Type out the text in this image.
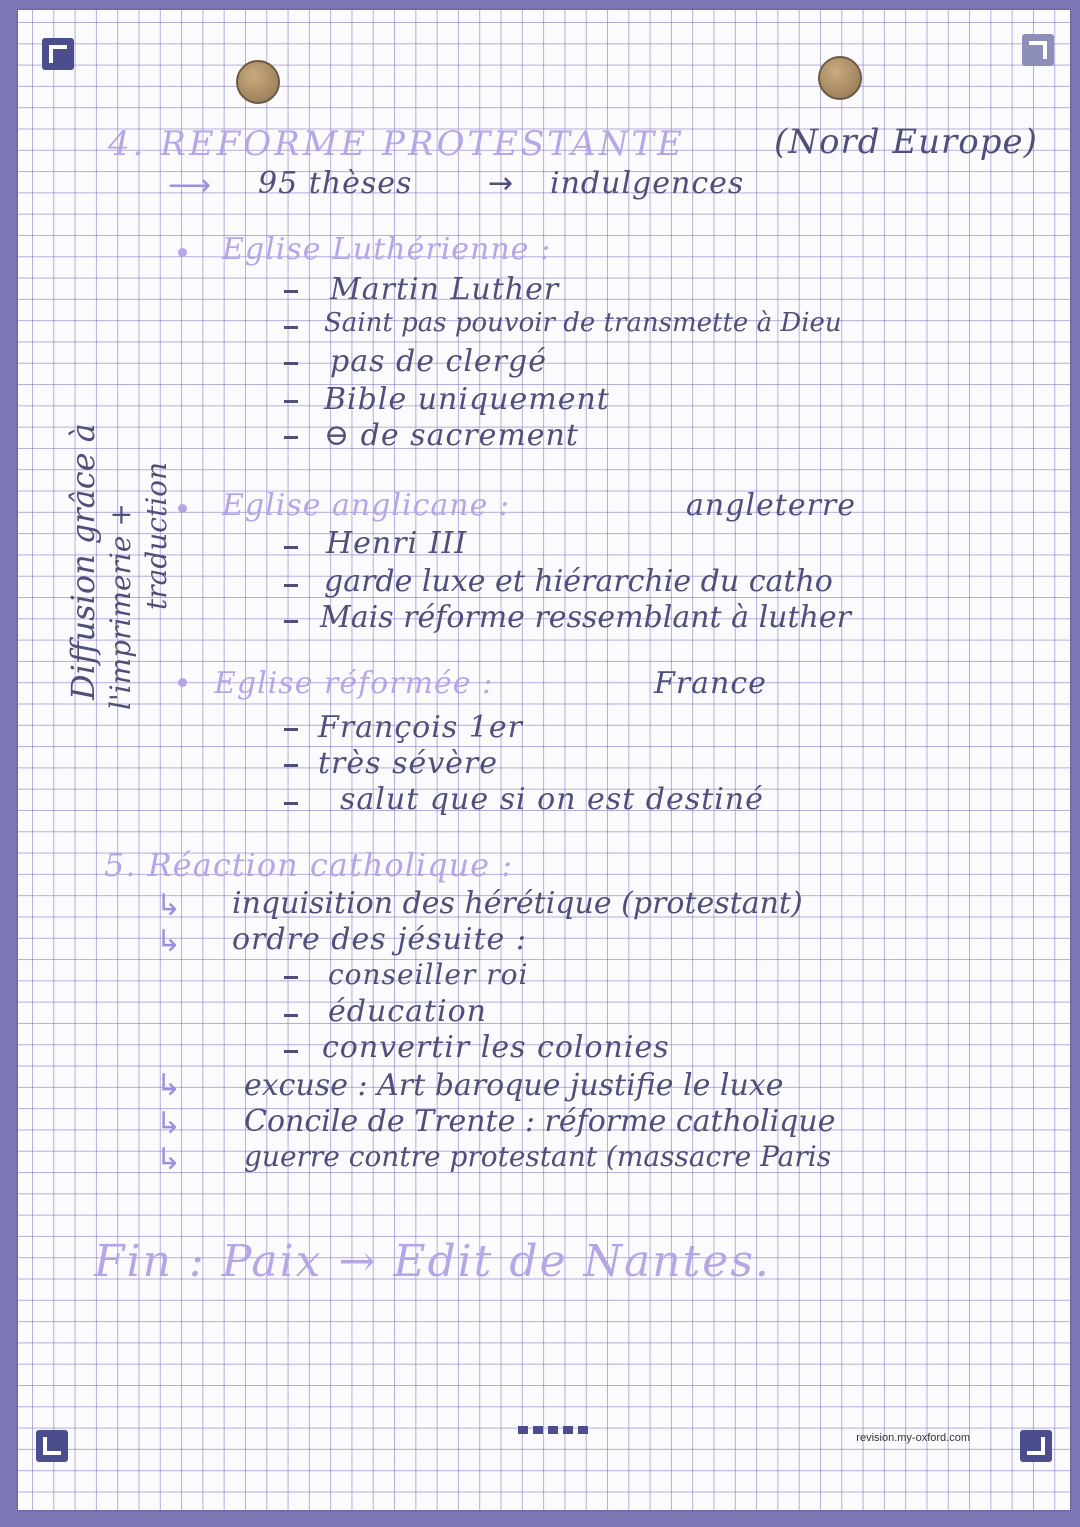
4. REFORME PROTESTANTE	(Nord Europe)
⟶ 95 thèses	→ indulgences
Diffusion grâce à l'imprimerie + traduction
Eglise Luthérienne :
Martin Luther
Saint pas pouvoir de transmette à Dieu
pas de clergé
Bible uniquement
⊖ de sacrement
Eglise anglicane :	angleterre
Henri III
garde luxe et hiérarchie du catho
Mais réforme ressemblant à luther
Eglise réformée :	France
François 1er
très sévère
salut que si on est destiné
5. Réaction catholique :
↳ inquisition des hérétique (protestant)
↳ ordre des jésuite :
conseiller roi
éducation
convertir les colonies
↳ excuse : Art baroque justifie le luxe
↳ Concile de Trente : réforme catholique
↳ guerre contre protestant (massacre Paris
Fin : Paix → Edit de Nantes.
revision.my-oxford.com
